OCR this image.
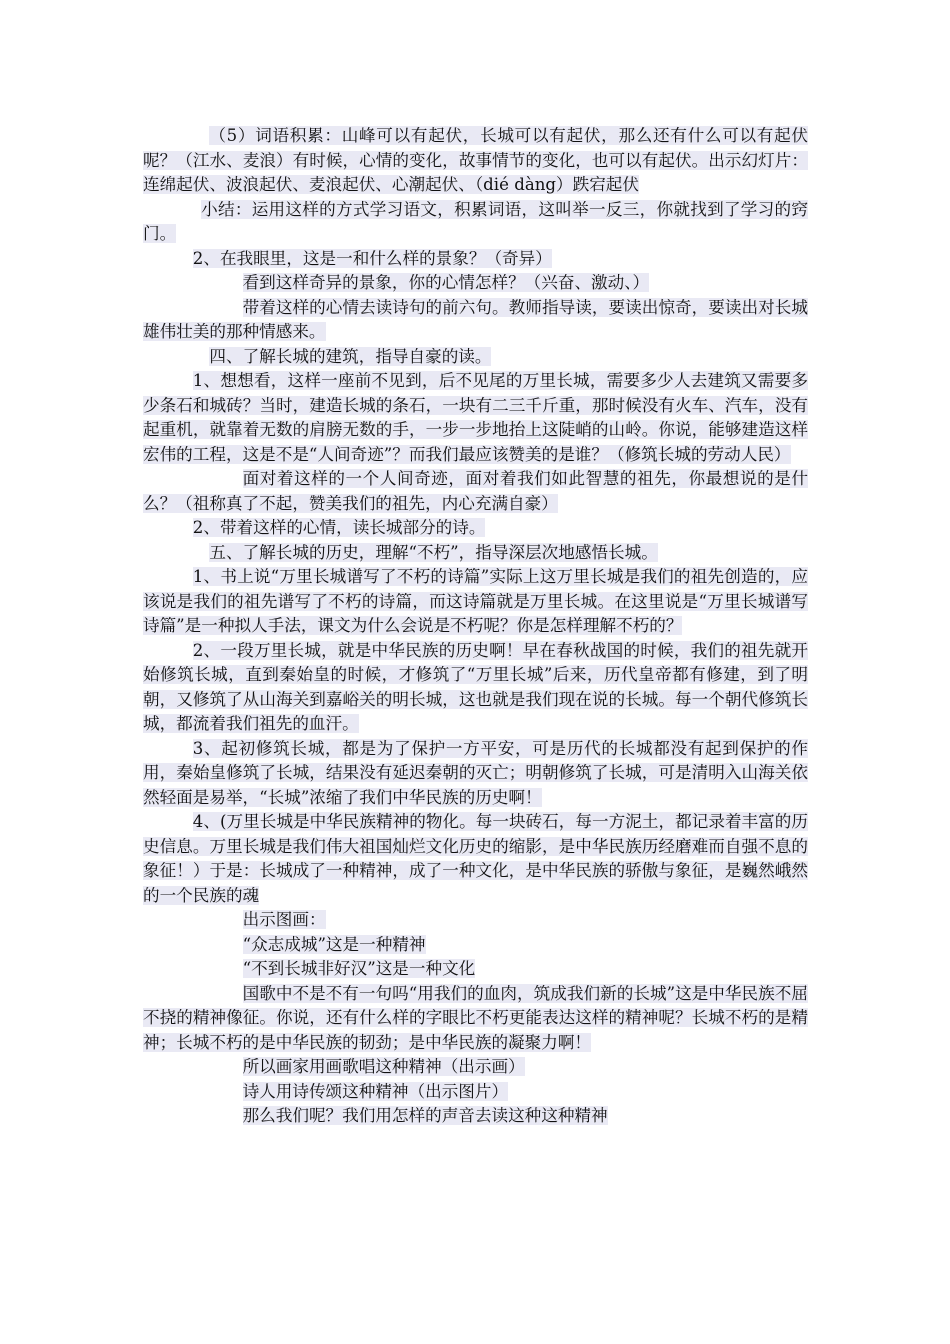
（5）词语积累：山峰可以有起伏，长城可以有起伏，那么还有什么可以有起伏呢？（江水、麦浪）有时候，心情的变化，故事情节的变化，也可以有起伏。出示幻灯片：连绵起伏、波浪起伏、麦浪起伏、心潮起伏、（dié dàng）跌宕起伏

小结：运用这样的方式学习语文，积累词语，这叫举一反三，你就找到了学习的窍门。

2、在我眼里，这是一和什么样的景象？（奇异）

看到这样奇异的景象，你的心情怎样？（兴奋、激动、）

带着这样的心情去读诗句的前六句。教师指导读，要读出惊奇，要读出对长城雄伟壮美的那种情感来。

四、了解长城的建筑，指导自豪的读。

1、想想看，这样一座前不见到，后不见尾的万里长城，需要多少人去建筑又需要多少条石和城砖？当时，建造长城的条石，一块有二三千斤重，那时候没有火车、汽车，没有起重机，就靠着无数的肩膀无数的手，一步一步地抬上这陡峭的山岭。你说，能够建造这样宏伟的工程，这是不是“人间奇迹”？而我们最应该赞美的是谁？（修筑长城的劳动人民）

面对着这样的一个人间奇迹，面对着我们如此智慧的祖先，你最想说的是什么？（祖称真了不起，赞美我们的祖先，内心充满自豪）

2、带着这样的心情，读长城部分的诗。

五、了解长城的历史，理解“不朽”，指导深层次地感悟长城。

1、书上说“万里长城谱写了不朽的诗篇”实际上这万里长城是我们的祖先创造的，应该说是我们的祖先谱写了不朽的诗篇，而这诗篇就是万里长城。在这里说是“万里长城谱写诗篇”是一种拟人手法，课文为什么会说是不朽呢？你是怎样理解不朽的？

2、一段万里长城，就是中华民族的历史啊！早在春秋战国的时候，我们的祖先就开始修筑长城，直到秦始皇的时候，才修筑了“万里长城”后来，历代皇帝都有修建，到了明朝，又修筑了从山海关到嘉峪关的明长城，这也就是我们现在说的长城。每一个朝代修筑长城，都流着我们祖先的血汗。

3、起初修筑长城，都是为了保护一方平安，可是历代的长城都没有起到保护的作用，秦始皇修筑了长城，结果没有延迟秦朝的灭亡；明朝修筑了长城，可是清明入山海关依然轻面是易举，“长城”浓缩了我们中华民族的历史啊！

4、(万里长城是中华民族精神的物化。每一块砖石，每一方泥土，都记录着丰富的历史信息。万里长城是我们伟大祖国灿烂文化历史的缩影，是中华民族历经磨难而自强不息的象征！）于是：长城成了一种精神，成了一种文化，是中华民族的骄傲与象征，是巍然峨然的一个民族的魂

出示图画：

“众志成城”这是一种精神

“不到长城非好汉”这是一种文化

国歌中不是不有一句吗“用我们的血肉，筑成我们新的长城”这是中华民族不屈不挠的精神像征。你说，还有什么样的字眼比不朽更能表达这样的精神呢？长城不朽的是精神；长城不朽的是中华民族的韧劲；是中华民族的凝聚力啊！

所以画家用画歌唱这种精神（出示画）

诗人用诗传颂这种精神（出示图片）

那么我们呢？我们用怎样的声音去读这种这种精神
